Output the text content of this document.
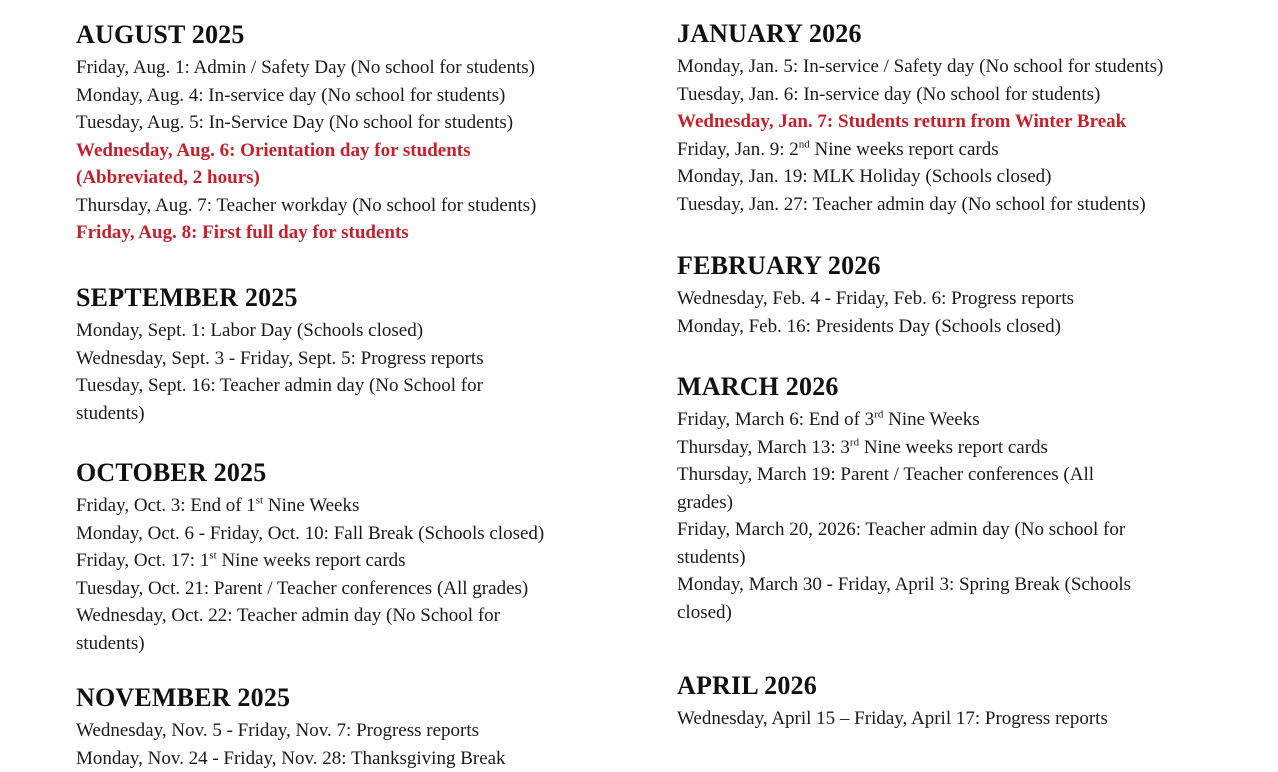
AUGUST 2025
Friday, Aug. 1: Admin / Safety Day (No school for students)
Monday, Aug. 4: In-service day (No school for students)
Tuesday, Aug. 5: In-Service Day (No school for students)
Wednesday, Aug. 6: Orientation day for students
(Abbreviated, 2 hours)
Thursday, Aug. 7: Teacher workday (No school for students)
Friday, Aug. 8: First full day for students
SEPTEMBER 2025
Monday, Sept. 1: Labor Day (Schools closed)
Wednesday, Sept. 3 - Friday, Sept. 5: Progress reports
Tuesday, Sept. 16: Teacher admin day (No School for
students)
OCTOBER 2025
Friday, Oct. 3: End of 1st Nine Weeks
Monday, Oct. 6 - Friday, Oct. 10: Fall Break (Schools closed)
Friday, Oct. 17: 1st Nine weeks report cards
Tuesday, Oct. 21: Parent / Teacher conferences (All grades)
Wednesday, Oct. 22: Teacher admin day (No School for
students)
NOVEMBER 2025
Wednesday, Nov. 5 - Friday, Nov. 7: Progress reports
Monday, Nov. 24 - Friday, Nov. 28: Thanksgiving Break
JANUARY 2026
Monday, Jan. 5: In-service / Safety day (No school for students)
Tuesday, Jan. 6: In-service day (No school for students)
Wednesday, Jan. 7: Students return from Winter Break
Friday, Jan. 9: 2nd Nine weeks report cards
Monday, Jan. 19: MLK Holiday (Schools closed)
Tuesday, Jan. 27: Teacher admin day (No school for students)
FEBRUARY 2026
Wednesday, Feb. 4 - Friday, Feb. 6: Progress reports
Monday, Feb. 16: Presidents Day (Schools closed)
MARCH 2026
Friday, March 6: End of 3rd Nine Weeks
Thursday, March 13: 3rd Nine weeks report cards
Thursday, March 19: Parent / Teacher conferences (All
grades)
Friday, March 20, 2026: Teacher admin day (No school for
students)
Monday, March 30 - Friday, April 3: Spring Break (Schools
closed)
APRIL 2026
Wednesday, April 15 – Friday, April 17: Progress reports
